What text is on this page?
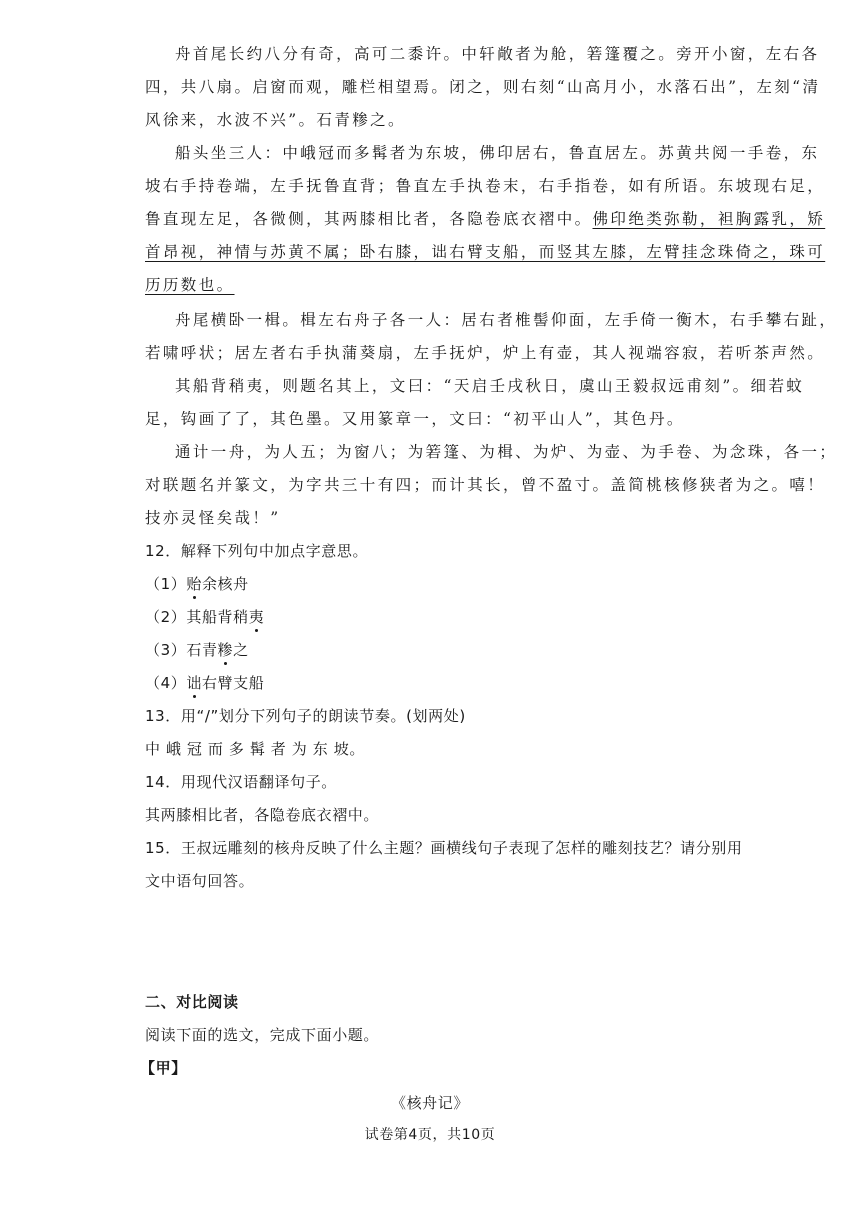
舟首尾长约八分有奇，高可二黍许。中轩敞者为舱，箬篷覆之。旁开小窗，左右各
四，共八扇。启窗而观，雕栏相望焉。闭之，则右刻“山高月小，水落石出”，左刻“清
风徐来，水波不兴”。石青糁之。
船头坐三人：中峨冠而多髯者为东坡，佛印居右，鲁直居左。苏黄共阅一手卷，东
坡右手持卷端，左手抚鲁直背；鲁直左手执卷末，右手指卷，如有所语。东坡现右足，
鲁直现左足，各微侧，其两膝相比者，各隐卷底衣褶中。佛印绝类弥勒，袒胸露乳，矫
首昂视，神情与苏黄不属；卧右膝，诎右臂支船，而竖其左膝，左臂挂念珠倚之，珠可
历历数也。
舟尾横卧一楫。楫左右舟子各一人：居右者椎髻仰面，左手倚一衡木，右手攀右趾，
若啸呼状；居左者右手执蒲葵扇，左手抚炉，炉上有壶，其人视端容寂，若听茶声然。
其船背稍夷，则题名其上，文曰：“天启壬戌秋日，虞山王毅叔远甫刻”。细若蚊
足，钩画了了，其色墨。又用篆章一，文曰：“初平山人”，其色丹。
通计一舟，为人五；为窗八；为箬篷、为楫、为炉、为壶、为手卷、为念珠，各一；
对联题名并篆文，为字共三十有四；而计其长，曾不盈寸。盖简桃核修狭者为之。嘻！
技亦灵怪矣哉！”
12．解释下列句中加点字意思。
（1）贻余核舟
（2）其船背稍夷
（3）石青糁之
（4）诎右臂支船
13．用“/”划分下列句子的朗读节奏。(划两处)
中 峨 冠 而 多 髯 者 为 东 坡。
14．用现代汉语翻译句子。
其两膝相比者，各隐卷底衣褶中。
15．王叔远雕刻的核舟反映了什么主题？画横线句子表现了怎样的雕刻技艺？请分别用
文中语句回答。
二、对比阅读
阅读下面的选文，完成下面小题。
【甲】
《核舟记》
试卷第4页，共10页
